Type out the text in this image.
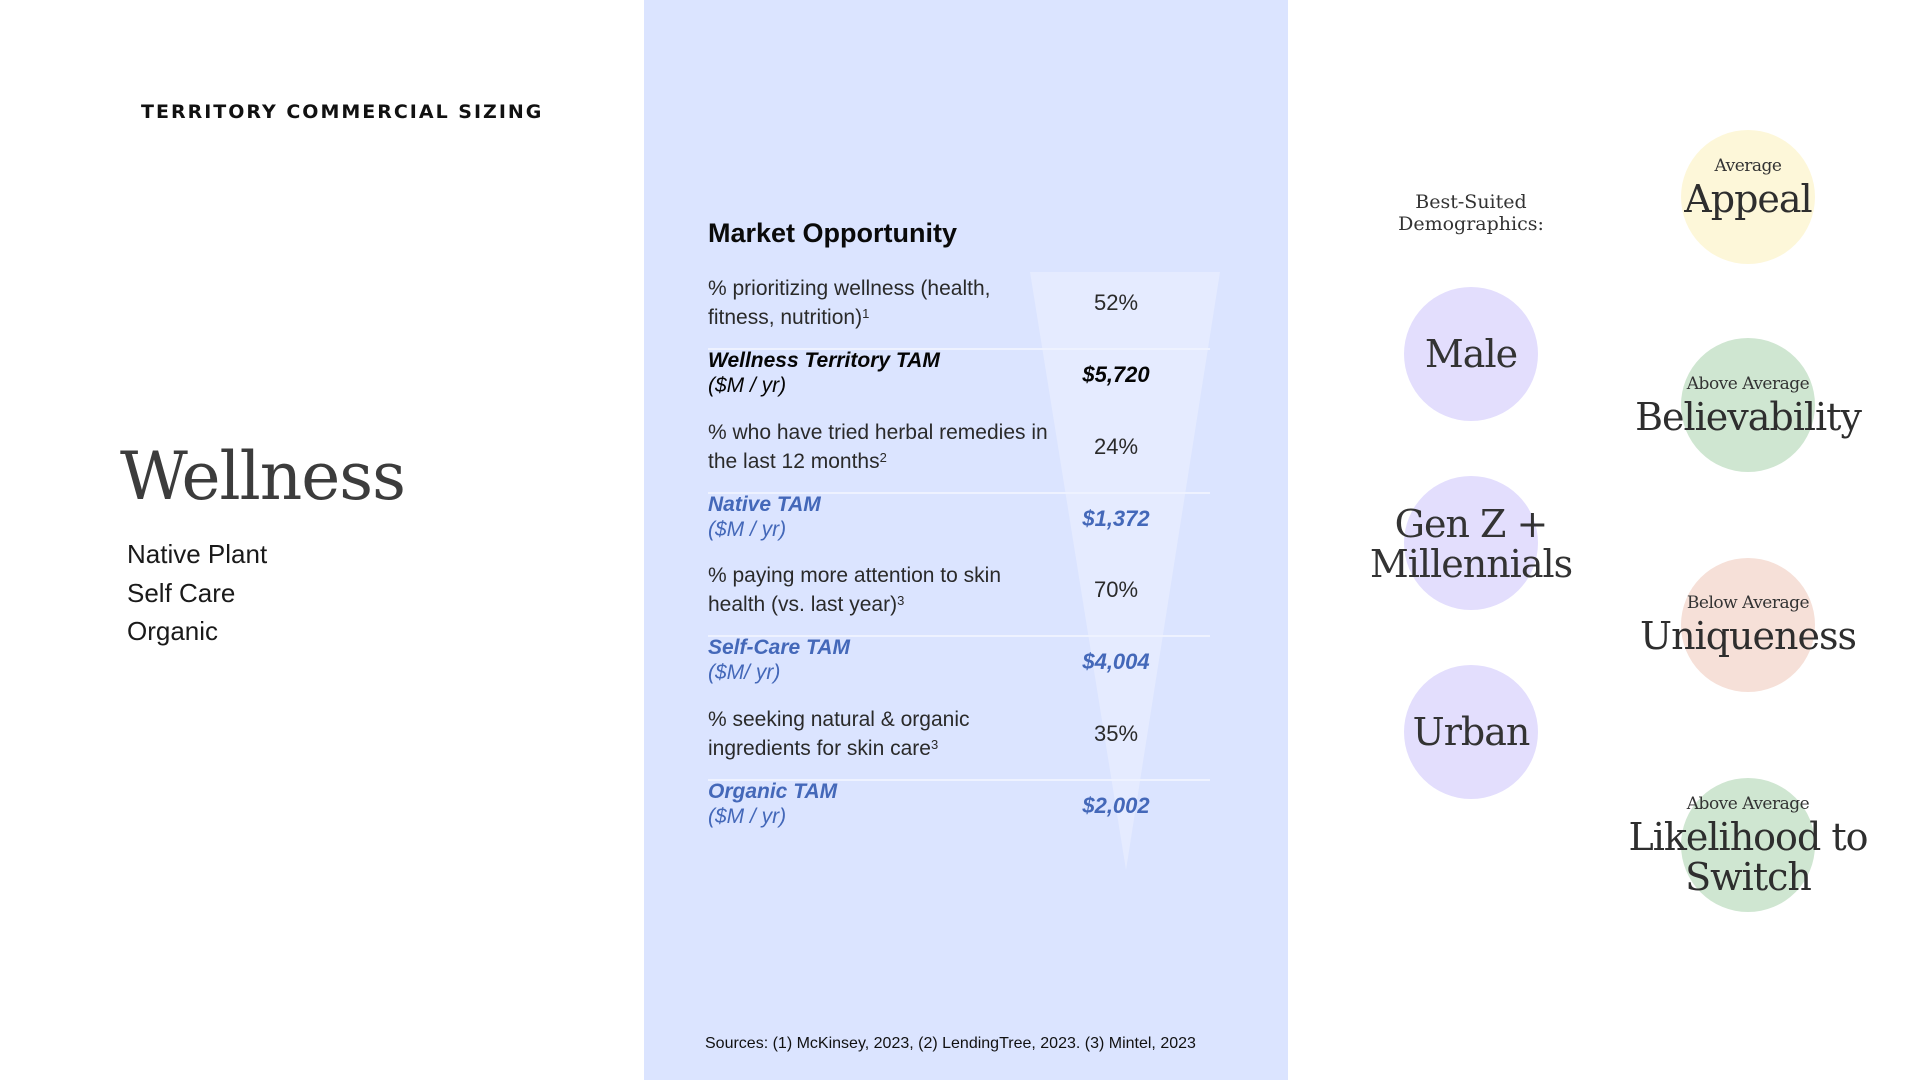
TERRITORY COMMERCIAL SIZING
Wellness
Native Plant
Self Care
Organic
Market Opportunity
% prioritizing wellness (health, fitness, nutrition)$^1$	52%
Wellness Territory TAM
($M / yr)	$5,720
% who have tried herbal remedies in the last 12 months$^2$	24%
Native TAM
($M / yr)	$1,372
% paying more attention to skin health (vs. last year)$^3$	70%
Self-Care TAM
($M/ yr)	$4,004
% seeking natural & organic ingredients for skin care$^3$	35%
Organic TAM
($M / yr)	$2,002
Sources: (1) McKinsey, 2023, (2) LendingTree, 2023. (3) Mintel, 2023
Best-Suited Demographics:
Male
Gen Z + Millennials
Urban
Average
Appeal
Above Average
Believability
Below Average
Uniqueness
Above Average
Likelihood to Switch
